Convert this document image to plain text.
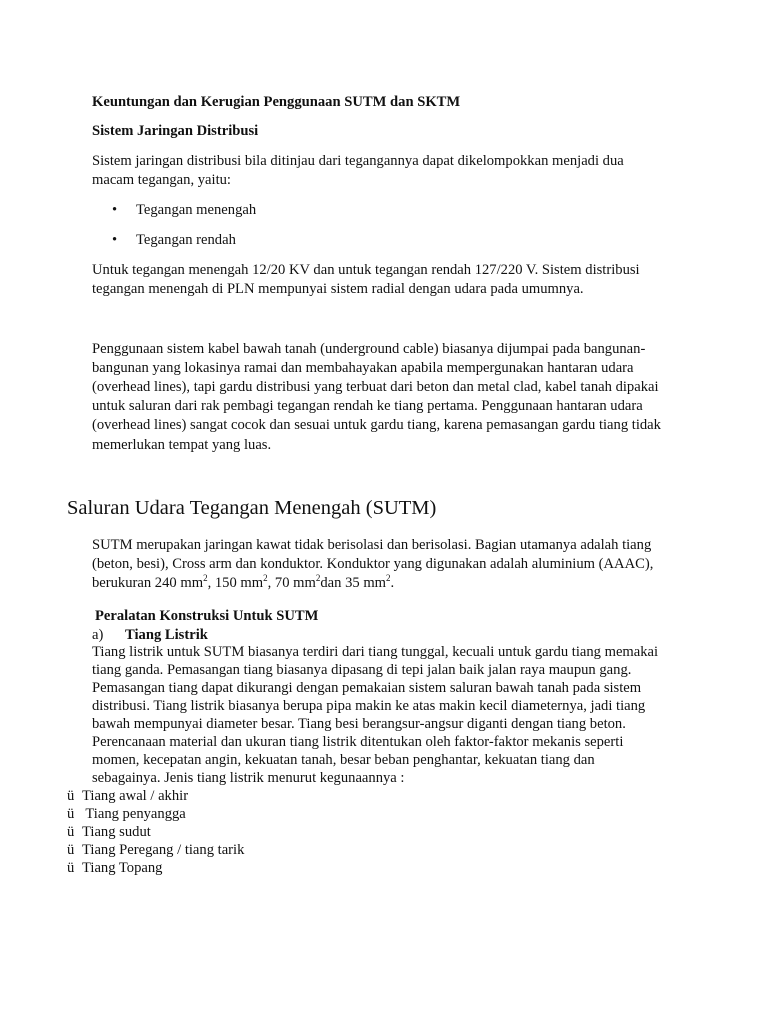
Keuntungan dan Kerugian Penggunaan SUTM dan SKTM

Sistem Jaringan Distribusi

Sistem jaringan distribusi bila ditinjau dari tegangannya dapat dikelompokkan menjadi dua

macam tegangan, yaitu:

• Tegangan menengah
• Tegangan rendah

Untuk tegangan menengah 12/20 KV dan untuk tegangan rendah 127/220 V. Sistem distribusi

tegangan menengah di PLN mempunyai sistem radial dengan udara pada umumnya.

Penggunaan sistem kabel bawah tanah (underground cable) biasanya dijumpai pada bangunan-

bangunan yang lokasinya ramai dan membahayakan apabila mempergunakan hantaran udara

(overhead lines), tapi gardu distribusi yang terbuat dari beton dan metal clad, kabel tanah dipakai

untuk saluran dari rak pembagi tegangan rendah ke tiang pertama. Penggunaan hantaran udara

(overhead lines) sangat cocok dan sesuai untuk gardu tiang, karena pemasangan gardu tiang tidak

memerlukan tempat yang luas.

Saluran Udara Tegangan Menengah (SUTM)

SUTM merupakan jaringan kawat tidak berisolasi dan berisolasi. Bagian utamanya adalah tiang

(beton, besi), Cross arm dan konduktor. Konduktor yang digunakan adalah aluminium (AAAC),

berukuran 240 $mm^2$, 150 $mm^2$, 70 $mm^2dan$ 35 $mm^2$.

Peralatan Konstruksi Untuk SUTM

a) Tiang Listrik

Tiang listrik untuk SUTM biasanya terdiri dari tiang tunggal, kecuali untuk gardu tiang memakai

tiang ganda. Pemasangan tiang biasanya dipasang di tepi jalan baik jalan raya maupun gang.

Pemasangan tiang dapat dikurangi dengan pemakaian sistem saluran bawah tanah pada sistem

distribusi. Tiang listrik biasanya berupa pipa makin ke atas makin kecil diameternya, jadi tiang

bawah mempunyai diameter besar. Tiang besi berangsur-angsur diganti dengan tiang beton.

Perencanaan material dan ukuran tiang listrik ditentukan oleh faktor-faktor mekanis seperti

momen, kecepatan angin, kekuatan tanah, besar beban penghantar, kekuatan tiang dan

sebagainya. Jenis tiang listrik menurut kegunaannya :

ü Tiang awal / akhir
ü Tiang penyangga
ü Tiang sudut
ü Tiang Peregang / tiang tarik
ü Tiang Topang
